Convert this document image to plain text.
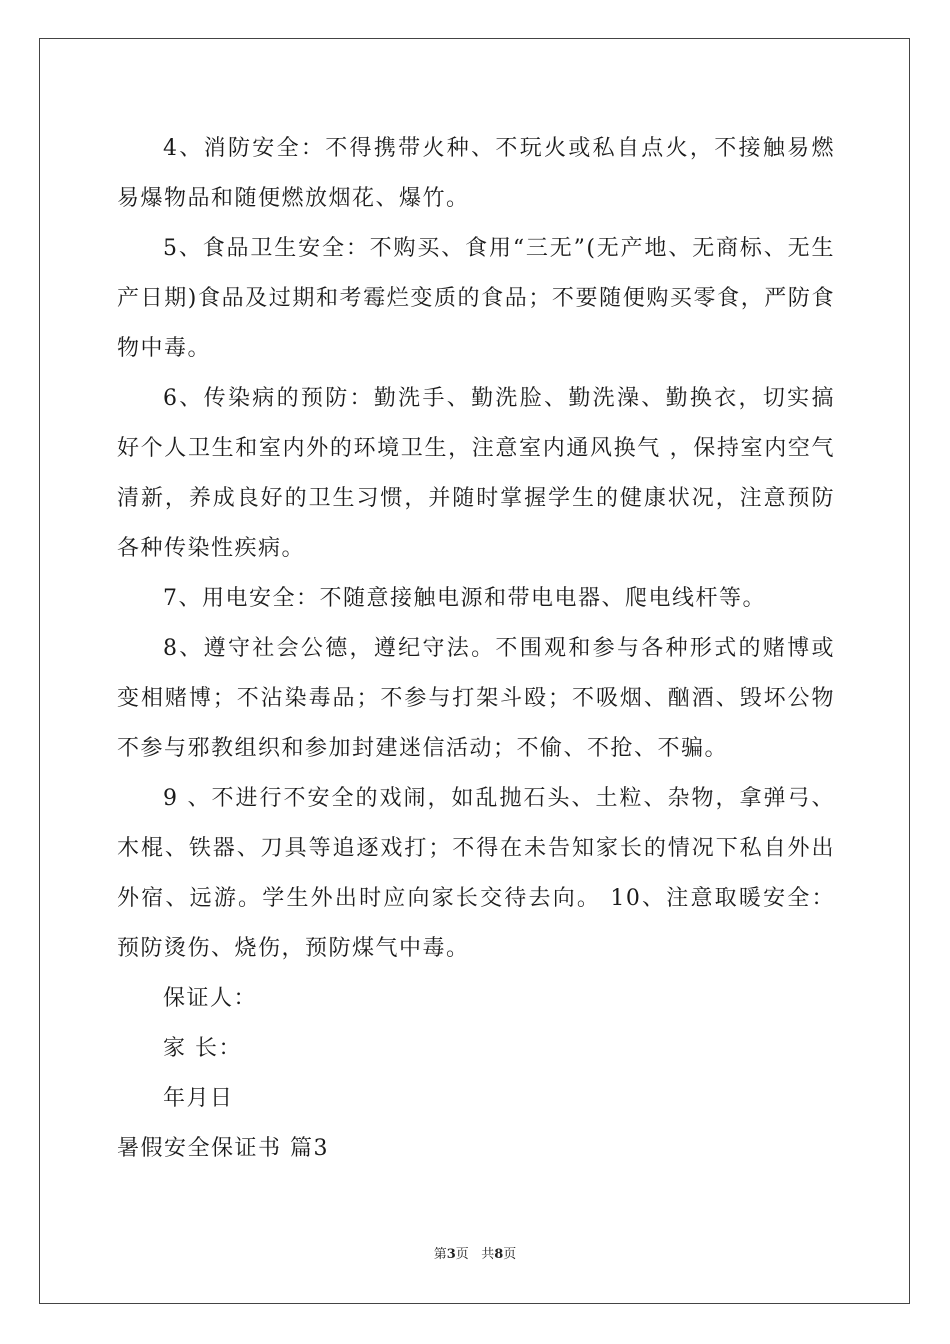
4、消防安全：不得携带火种、不玩火或私自点火，不接触易燃易爆物品和随便燃放烟花、爆竹。

5、食品卫生安全：不购买、食用“三无”(无产地、无商标、无生产日期)食品及过期和考霉烂变质的食品；不要随便购买零食，严防食物中毒。

6、传染病的预防：勤洗手、勤洗脸、勤洗澡、勤换衣，切实搞好个人卫生和室内外的环境卫生，注意室内通风换气 ，保持室内空气清新，养成良好的卫生习惯，并随时掌握学生的健康状况，注意预防各种传染性疾病。

7、用电安全：不随意接触电源和带电电器、爬电线杆等。

8、遵守社会公德，遵纪守法。不围观和参与各种形式的赌博或变相赌博；不沾染毒品；不参与打架斗殴；不吸烟、酗酒、毁坏公物不参与邪教组织和参加封建迷信活动；不偷、不抢、不骗。

9 、不进行不安全的戏闹，如乱抛石头、土粒、杂物，拿弹弓、木棍、铁器、刀具等追逐戏打；不得在未告知家长的情况下私自外出外宿、远游。学生外出时应向家长交待去向。 10、注意取暖安全：预防烫伤、烧伤，预防煤气中毒。

保证人：

家 长：

年月日

暑假安全保证书 篇3

第3页 共8页
